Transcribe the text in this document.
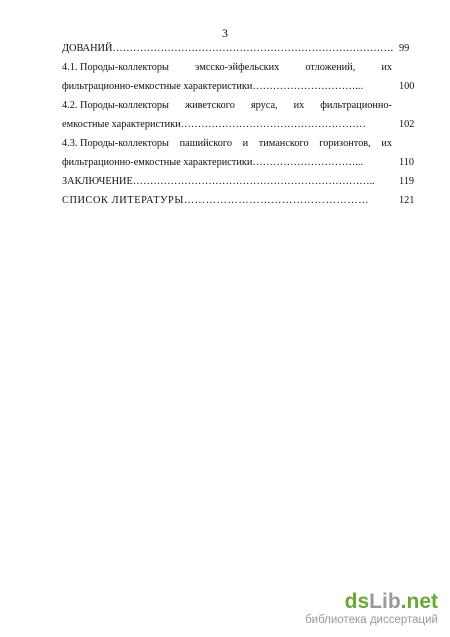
3
ДОВАНИЙ………………………………………………………………………. 99
4.1. Породы-коллекторы	эмсско-эйфельских	отложений,	их
фильтрационно-емкостные характеристики…………………………...	100
4.2. Породы-коллекторы живетского яруса, их фильтрационно-
емкостные характеристики………………………………………………	102
4.3. Породы-коллекторы пашийского и тиманского горизонтов, их
фильтрационно-емкостные характеристики…………………………...	110
ЗАКЛЮЧЕНИЕ…………………………………………………………….. 119
СПИСОК ЛИТЕРАТУРЫ……………………………………………	121
dsLib.net
библиотека диссертаций
